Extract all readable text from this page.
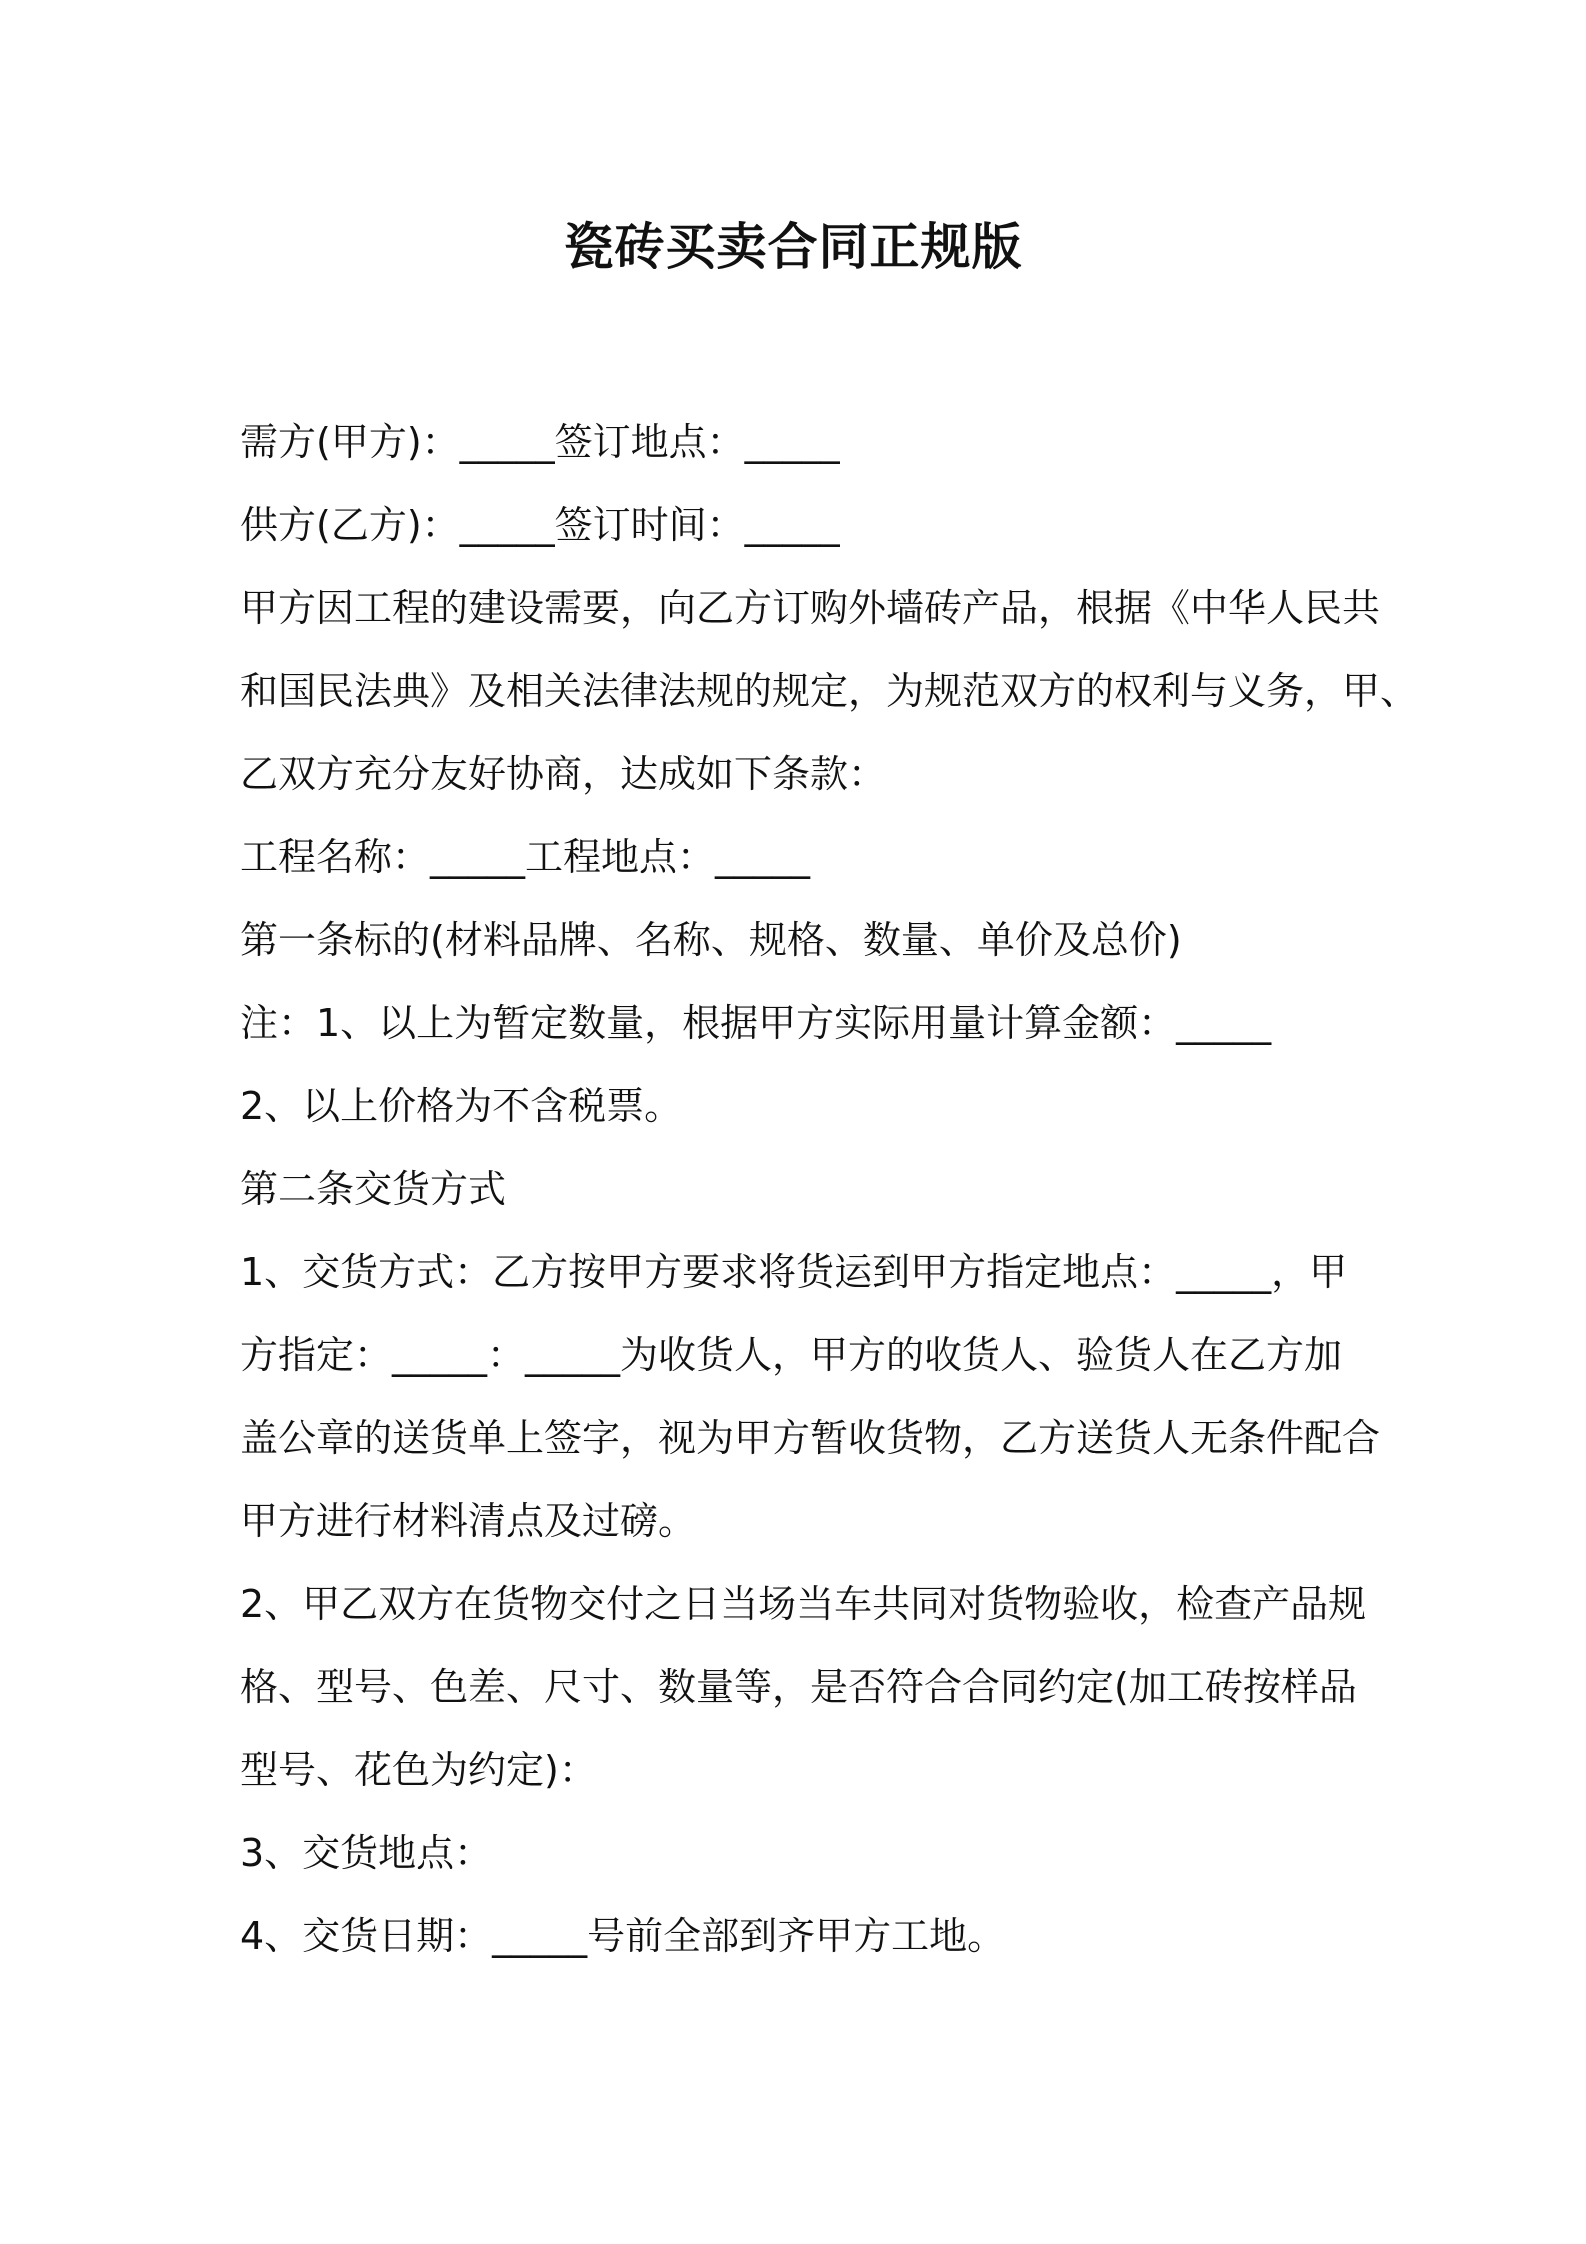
瓷砖买卖合同正规版
需方(甲方)：_____签订地点：_____
供方(乙方)：_____签订时间：_____
甲方因工程的建设需要，向乙方订购外墙砖产品，根据《中华人民共
和国民法典》及相关法律法规的规定，为规范双方的权利与义务，甲、
乙双方充分友好协商，达成如下条款：
工程名称：_____工程地点：_____
第一条标的(材料品牌、名称、规格、数量、单价及总价)
注：1、以上为暂定数量，根据甲方实际用量计算金额：_____
2、以上价格为不含税票。
第二条交货方式
1、交货方式：乙方按甲方要求将货运到甲方指定地点：_____，甲
方指定：_____：_____为收货人，甲方的收货人、验货人在乙方加
盖公章的送货单上签字，视为甲方暂收货物，乙方送货人无条件配合
甲方进行材料清点及过磅。
2、甲乙双方在货物交付之日当场当车共同对货物验收，检查产品规
格、型号、色差、尺寸、数量等，是否符合合同约定(加工砖按样品
型号、花色为约定)：
3、交货地点：
4、交货日期：_____号前全部到齐甲方工地。
